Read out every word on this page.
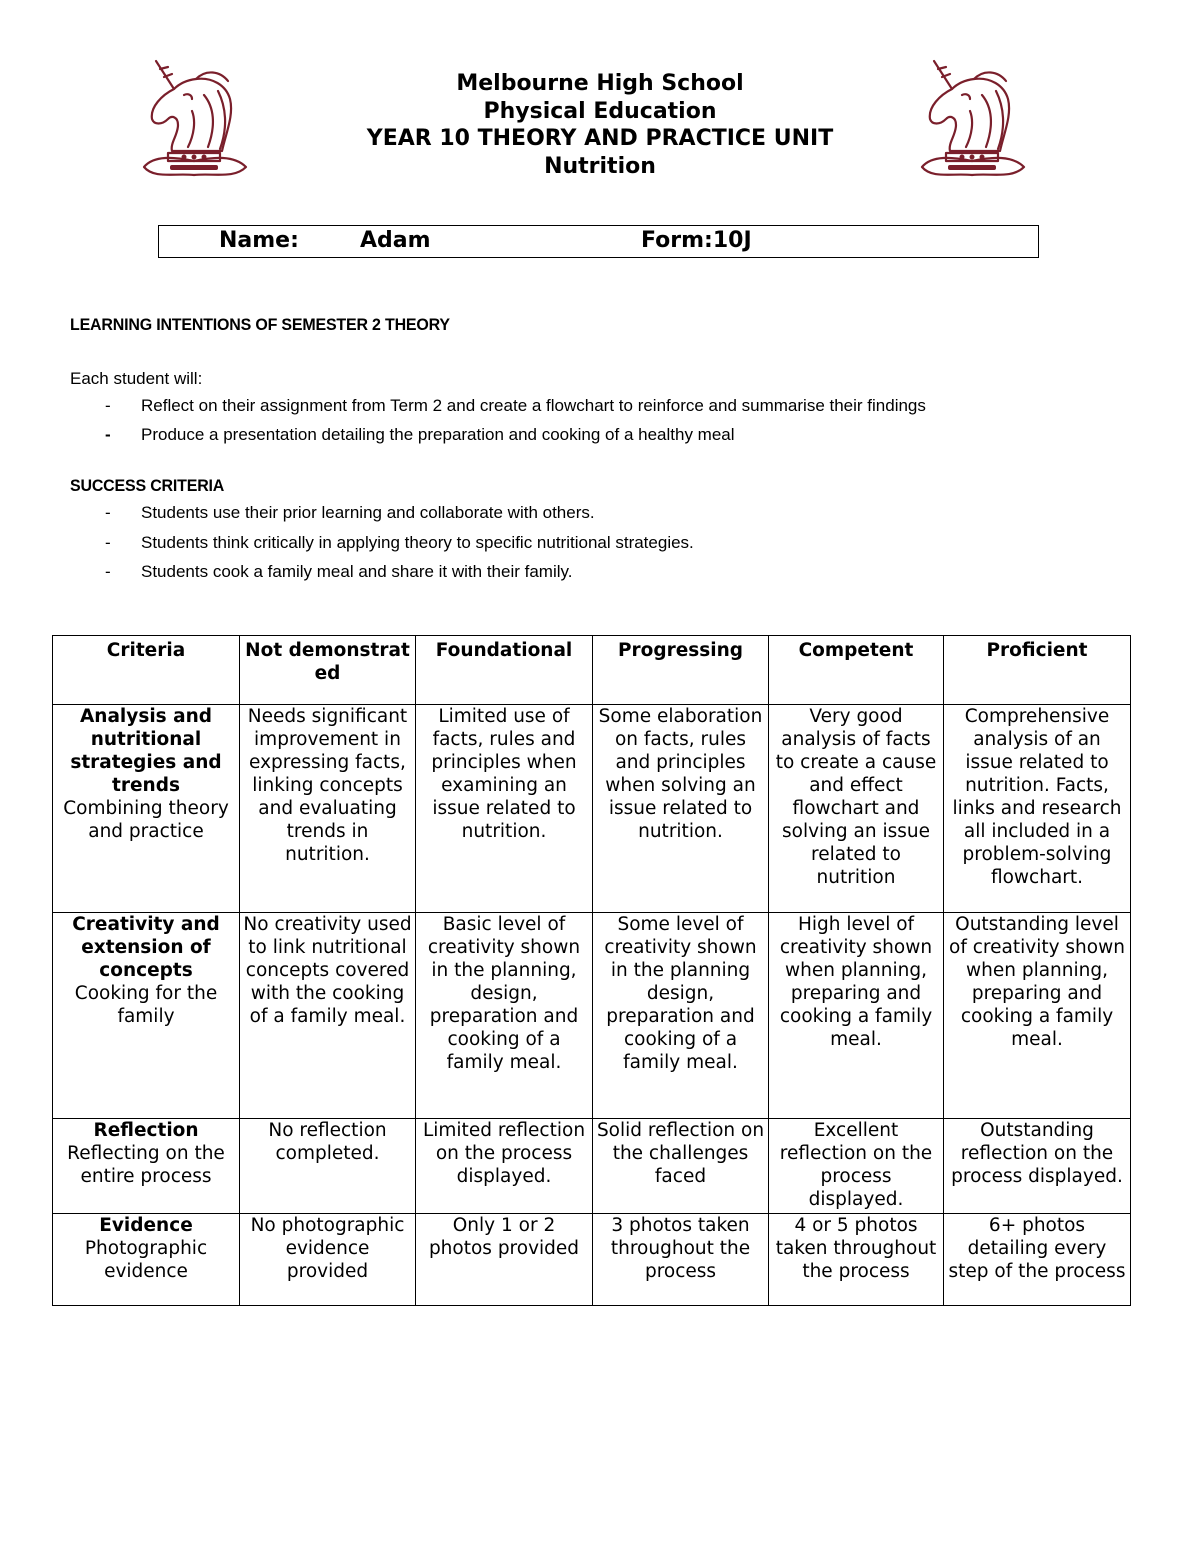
Melbourne High School
Physical Education
YEAR 10 THEORY AND PRACTICE UNIT
Nutrition
Name:	Adam	Form:10J
LEARNING INTENTIONS OF SEMESTER 2 THEORY
Each student will:
- Reflect on their assignment from Term 2 and create a flowchart to reinforce and summarise their findings
- Produce a presentation detailing the preparation and cooking of a healthy meal
SUCCESS CRITERIA
- Students use their prior learning and collaborate with others.
- Students think critically in applying theory to specific nutritional strategies.
- Students cook a family meal and share it with their family.
Criteria	Not demonstrated	Foundational	Progressing	Competent	Proficient

Analysis and nutritional strategies and trends
Combining theory and practice	Needs significant improvement in expressing facts, linking concepts and evaluating trends in nutrition.	Limited use of facts, rules and principles when examining an issue related to nutrition.	Some elaboration on facts, rules and principles when solving an issue related to nutrition.	Very good analysis of facts to create a cause and effect flowchart and solving an issue related to nutrition	Comprehensive analysis of an issue related to nutrition. Facts, links and research all included in a problem-solving flowchart.

Creativity and extension of concepts
Cooking for the family	No creativity used to link nutritional concepts covered with the cooking of a family meal.	Basic level of creativity shown in the planning, design, preparation and cooking of a family meal.	Some level of creativity shown in the planning design, preparation and cooking of a family meal.	High level of creativity shown when planning, preparing and cooking a family meal.	Outstanding level of creativity shown when planning, preparing and cooking a family meal.

Reflection
Reflecting on the entire process	No reflection completed.	Limited reflection on the process displayed.	Solid reflection on the challenges faced	Excellent reflection on the process displayed.	Outstanding reflection on the process displayed.

Evidence
Photographic evidence	No photographic evidence provided	Only 1 or 2 photos provided	3 photos taken throughout the process	4 or 5 photos taken throughout the process	6+ photos detailing every step of the process
